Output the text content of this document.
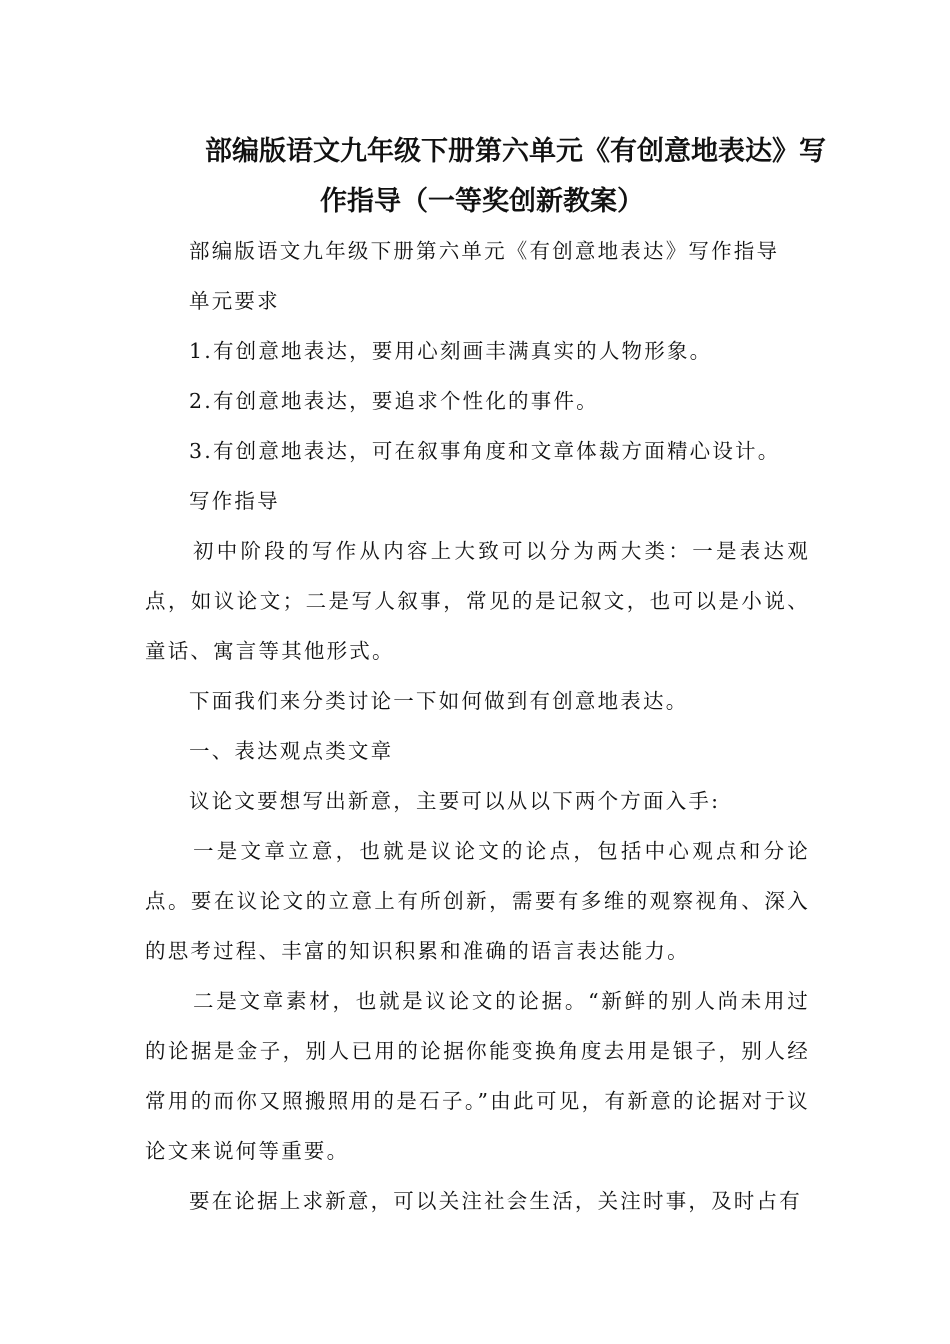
部编版语文九年级下册第六单元《有创意地表达》写
作指导（一等奖创新教案）

部编版语文九年级下册第六单元《有创意地表达》写作指导

单元要求

1.有创意地表达，要用心刻画丰满真实的人物形象。

2.有创意地表达，要追求个性化的事件。

3.有创意地表达，可在叙事角度和文章体裁方面精心设计。

写作指导

初中阶段的写作从内容上大致可以分为两大类：一是表达观点，如议论文；二是写人叙事，常见的是记叙文，也可以是小说、童话、寓言等其他形式。

下面我们来分类讨论一下如何做到有创意地表达。

一、表达观点类文章

议论文要想写出新意，主要可以从以下两个方面入手:

一是文章立意，也就是议论文的论点，包括中心观点和分论点。要在议论文的立意上有所创新，需要有多维的观察视角、深入的思考过程、丰富的知识积累和准确的语言表达能力。

二是文章素材，也就是议论文的论据。“新鲜的别人尚未用过的论据是金子，别人已用的论据你能变换角度去用是银子，别人经常用的而你又照搬照用的是石子。”由此可见，有新意的论据对于议论文来说何等重要。

要在论据上求新意，可以关注社会生活，关注时事，及时占有
